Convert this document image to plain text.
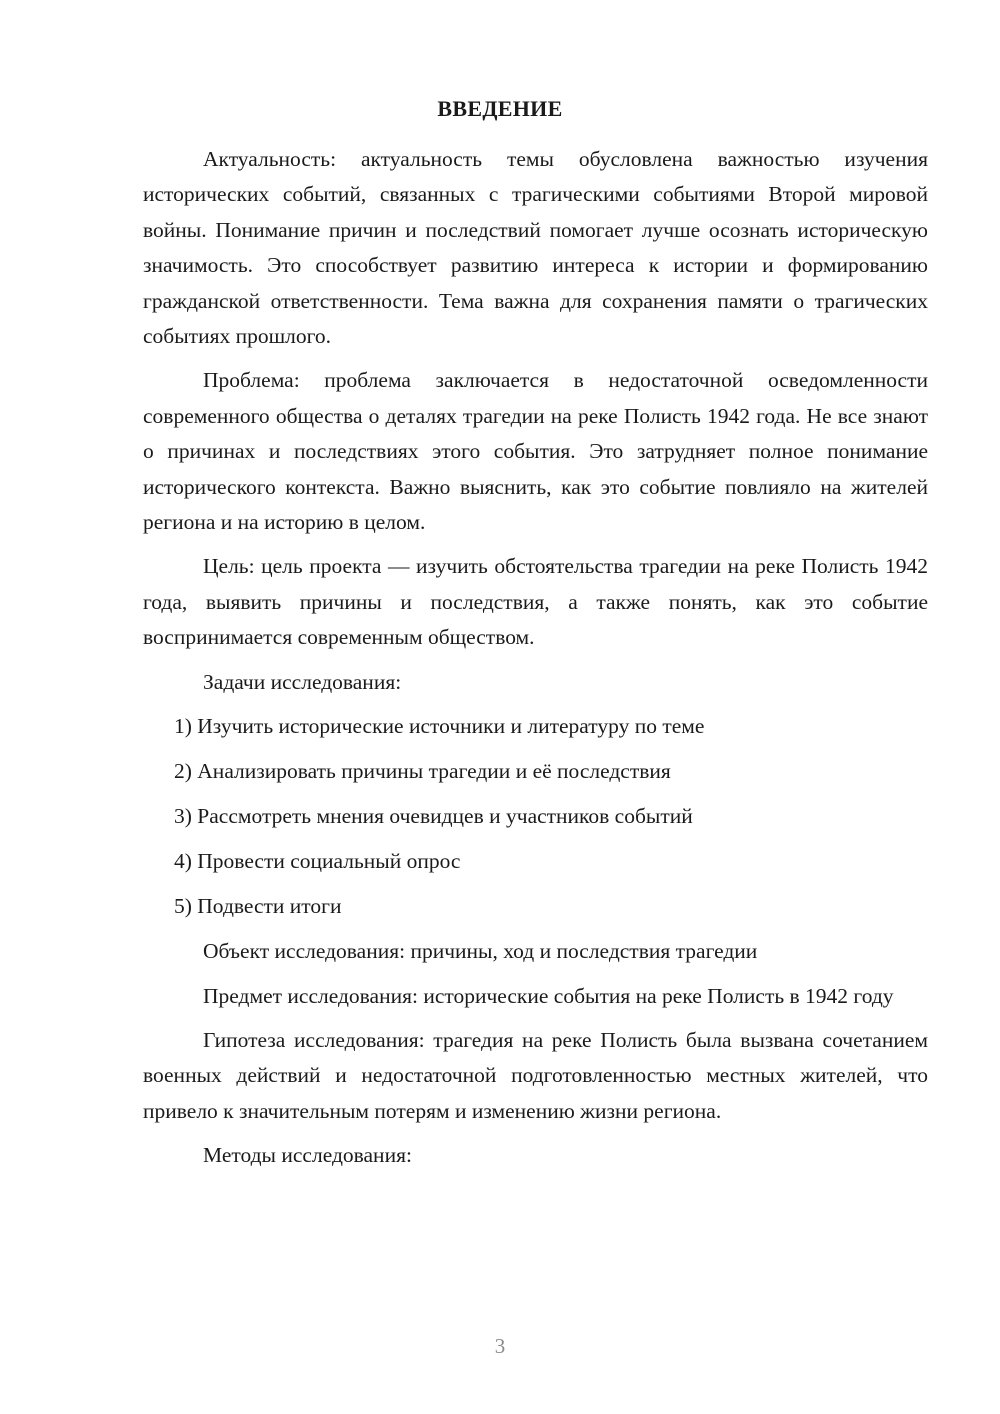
ВВЕДЕНИЕ

Актуальность: актуальность темы обусловлена важностью изучения исторических событий, связанных с трагическими событиями Второй мировой войны. Понимание причин и последствий помогает лучше осознать историческую значимость. Это способствует развитию интереса к истории и формированию гражданской ответственности. Тема важна для сохранения памяти о трагических событиях прошлого.

Проблема: проблема заключается в недостаточной осведомленности современного общества о деталях трагедии на реке Полисть 1942 года. Не все знают о причинах и последствиях этого события. Это затрудняет полное понимание исторического контекста. Важно выяснить, как это событие повлияло на жителей региона и на историю в целом.

Цель: цель проекта — изучить обстоятельства трагедии на реке Полисть 1942 года, выявить причины и последствия, а также понять, как это событие воспринимается современным обществом.

Задачи исследования:

1) Изучить исторические источники и литературу по теме
2) Анализировать причины трагедии и её последствия
3) Рассмотреть мнения очевидцев и участников событий
4) Провести социальный опрос
5) Подвести итоги

Объект исследования: причины, ход и последствия трагедии

Предмет исследования: исторические события на реке Полисть в 1942 году

Гипотеза исследования: трагедия на реке Полисть была вызвана сочетанием военных действий и недостаточной подготовленностью местных жителей, что привело к значительным потерям и изменению жизни региона.

Методы исследования:

3
